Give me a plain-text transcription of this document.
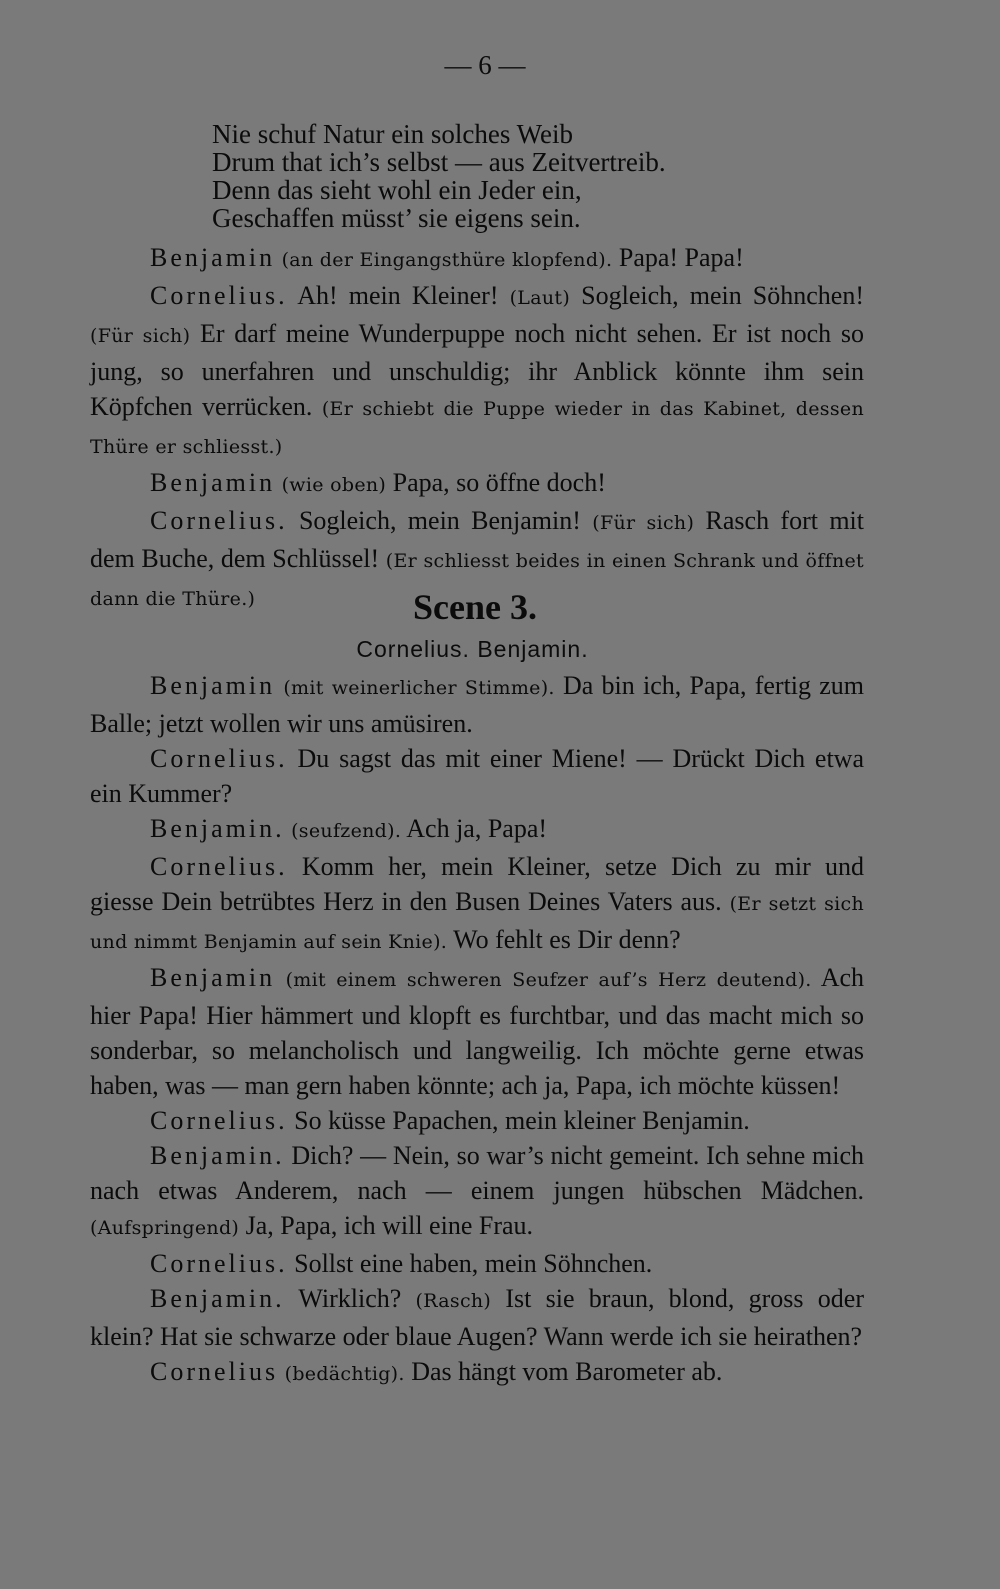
— 6 —
Nie schuf Natur ein solches Weib
Drum that ich’s selbst — aus Zeitvertreib.
Denn das sieht wohl ein Jeder ein,
Geschaffen müsst’ sie eigens sein.

Benjamin (an der Eingangsthüre klopfend). Papa! Papa!

Cornelius. Ah! mein Kleiner! (Laut) Sogleich, mein Söhnchen! (Für sich) Er darf meine Wunderpuppe noch nicht sehen. Er ist noch so jung, so unerfahren und unschuldig; ihr Anblick könnte ihm sein Köpfchen verrücken. (Er schiebt die Puppe wieder in das Kabinet, dessen Thüre er schliesst.)

Benjamin (wie oben) Papa, so öffne doch!

Cornelius. Sogleich, mein Benjamin! (Für sich) Rasch fort mit dem Buche, dem Schlüssel! (Er schliesst beides in einen Schrank und öffnet dann die Thüre.)	Scene 3.
Cornelius. Benjamin.

Benjamin (mit weinerlicher Stimme). Da bin ich, Papa, fertig zum Balle; jetzt wollen wir uns amüsiren.

Cornelius. Du sagst das mit einer Miene! — Drückt Dich etwa ein Kummer?

Benjamin. (seufzend). Ach ja, Papa!

Cornelius. Komm her, mein Kleiner, setze Dich zu mir und giesse Dein betrübtes Herz in den Busen Deines Vaters aus. (Er setzt sich und nimmt Benjamin auf sein Knie). Wo fehlt es Dir denn?

Benjamin (mit einem schweren Seufzer auf’s Herz deutend). Ach hier Papa! Hier hämmert und klopft es furchtbar, und das macht mich so sonderbar, so melancholisch und langweilig. Ich möchte gerne etwas haben, was — man gern haben könnte; ach ja, Papa, ich möchte küssen!

Cornelius. So küsse Papachen, mein kleiner Benjamin.

Benjamin. Dich? — Nein, so war’s nicht gemeint. Ich sehne mich nach etwas Anderem, nach — einem jungen hübschen Mädchen. (Aufspringend) Ja, Papa, ich will eine Frau.

Cornelius. Sollst eine haben, mein Söhnchen.

Benjamin. Wirklich? (Rasch) Ist sie braun, blond, gross oder klein? Hat sie schwarze oder blaue Augen? Wann werde ich sie heirathen?

Cornelius (bedächtig). Das hängt vom Barometer ab.
